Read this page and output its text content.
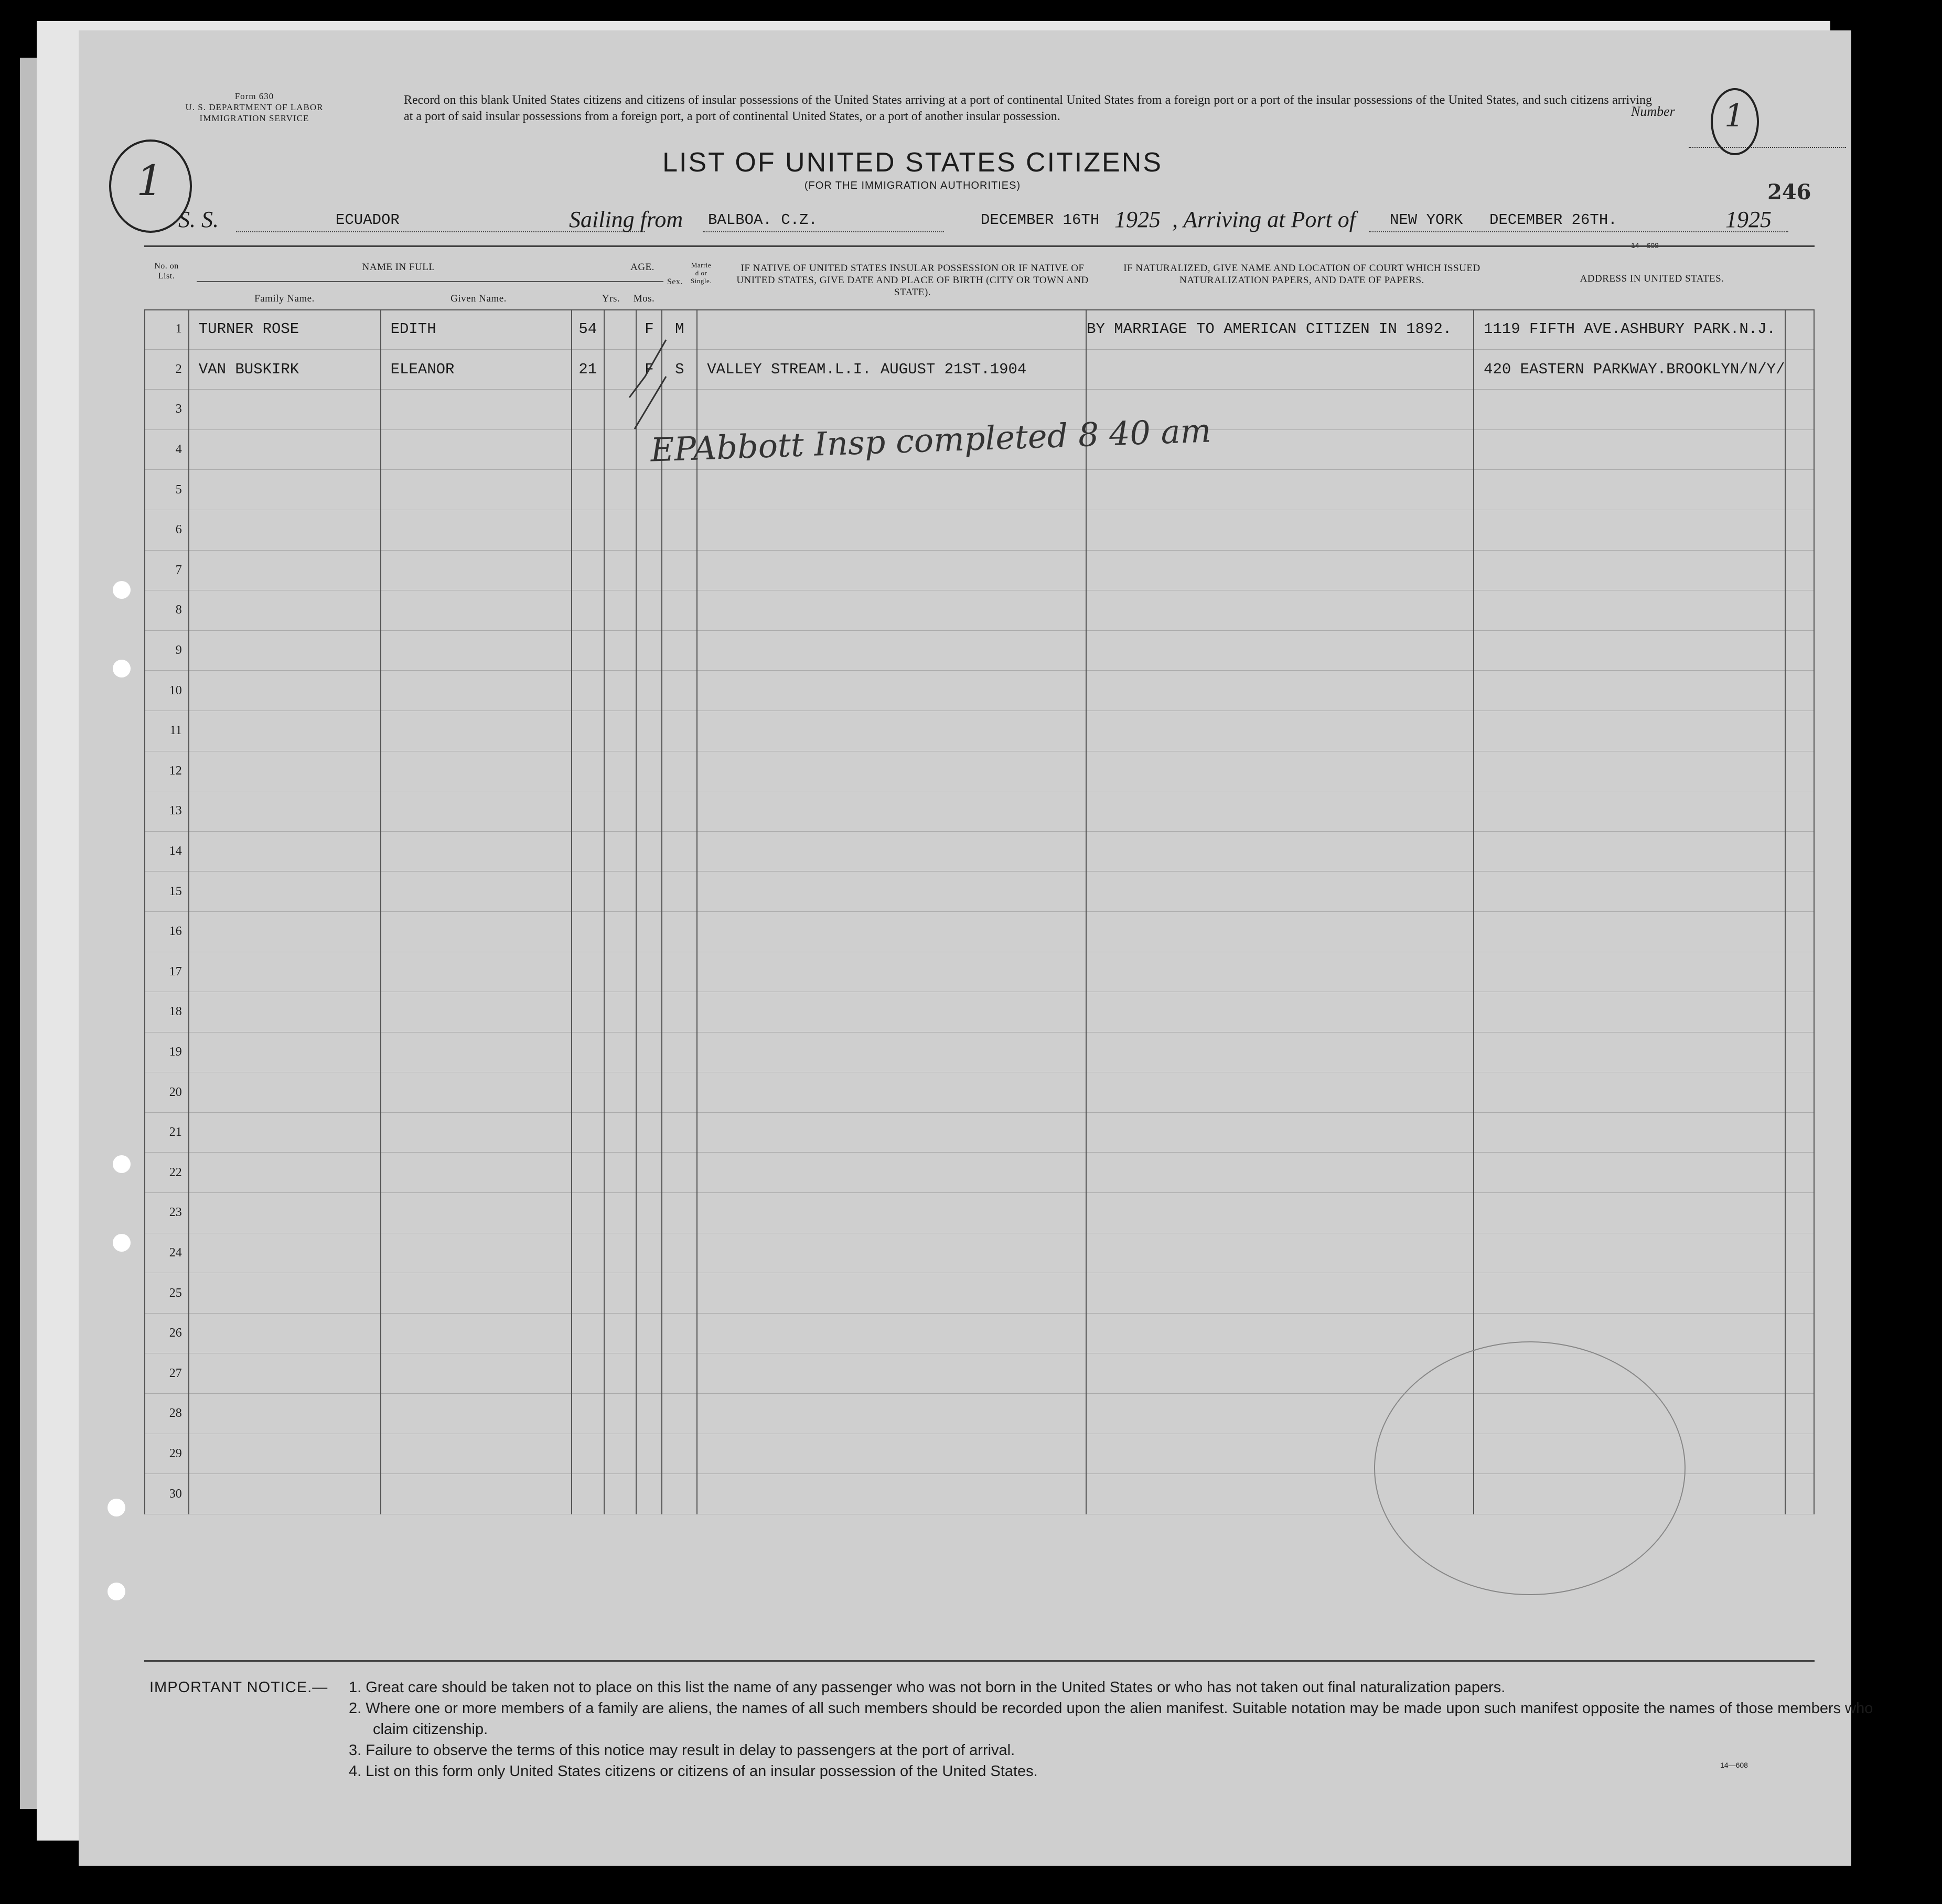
Form 630
U. S. DEPARTMENT OF LABOR
IMMIGRATION SERVICE
Record on this blank United States citizens and citizens of insular possessions of the United States arriving at a port of continental United States from a foreign port or a port of the insular possessions of the United States, and such citizens arriving at a port of said insular possessions from a foreign port, a port of continental United States, or a port of another insular possession.	Number 1
1	LIST OF UNITED STATES CITIZENS
(FOR THE IMMIGRATION AUTHORITIES)	246
S. S.	ECUADOR	Sailing from BALBOA. C.Z.	DECEMBER 16TH 1925 , Arriving at Port of NEW YORK DECEMBER 26TH.	1925
14—608
No. on List.
NAME IN FULL
Family Name.	Given Name.
AGE.
Yrs.	Mos.
Sex.
Married or Single.
IF NATIVE OF UNITED STATES INSULAR POSSESSION OR IF NATIVE OF UNITED STATES, GIVE DATE AND PLACE OF BIRTH (CITY OR TOWN AND STATE).
IF NATURALIZED, GIVE NAME AND LOCATION OF COURT WHICH ISSUED NATURALIZATION PAPERS, AND DATE OF PAPERS.	ADDRESS IN UNITED STATES.
1	TURNER ROSE	EDITH	54		F	M		BY MARRIAGE TO AMERICAN CITIZEN IN 1892.	1119 FIFTH AVE.ASHBURY PARK.N.J.	
2	VAN BUSKIRK	ELEANOR	21		F	S	VALLEY STREAM.L.I. AUGUST 21ST.1904		420 EASTERN PARKWAY.BROOKLYN/N/Y/	
3										
4										
5										
6										
7										
8										
9										
10										
11										
12										
13										
14										
15										
16										
17										
18										
19										
20										
21										
22										
23										
24										
25										
26										
27										
28										
29										
30										
EPAbbott Insp completed 8 40 am
IMPORTANT NOTICE.— 1. Great care should be taken not to place on this list the name of any passenger who was not born in the United States or who has not taken out final naturalization papers.
2. Where one or more members of a family are aliens, the names of all such members should be recorded upon the alien manifest. Suitable notation may be made upon such manifest opposite the names of those members who claim citizenship.
3. Failure to observe the terms of this notice may result in delay to passengers at the port of arrival.
4. List on this form only United States citizens or citizens of an insular possession of the United States.	14—608
